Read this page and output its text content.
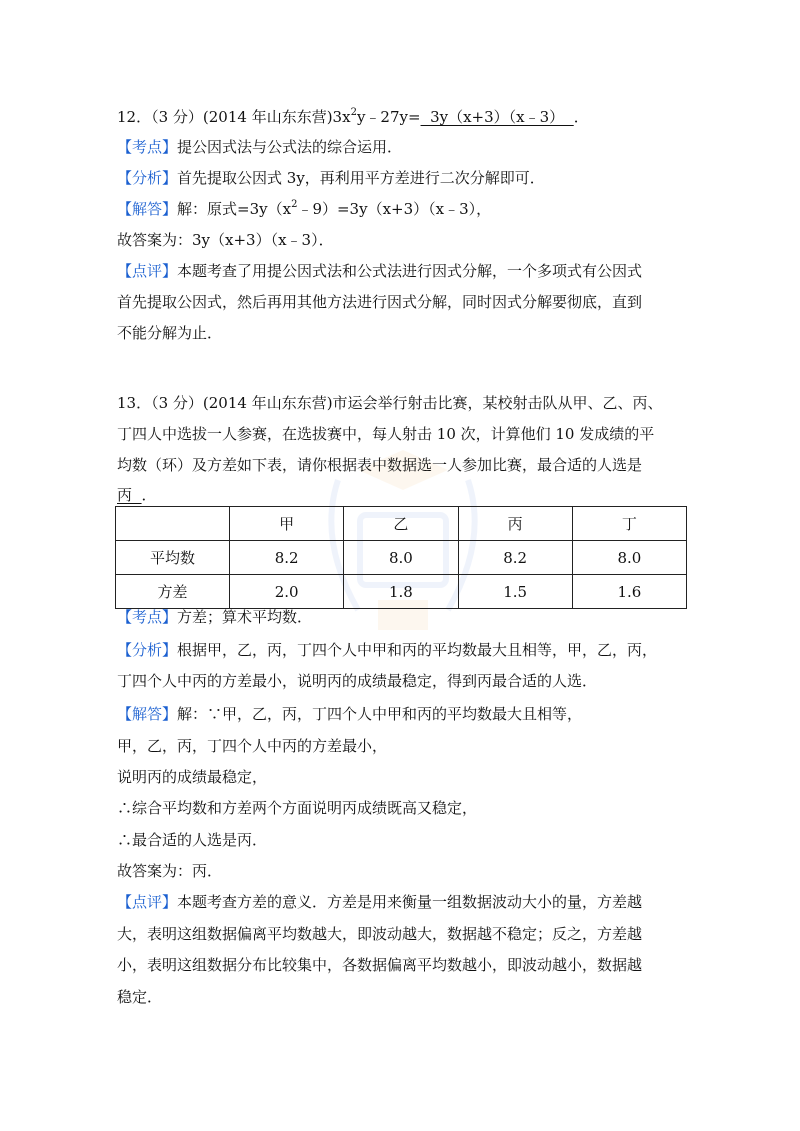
12．（3 分）(2014 年山东东营)$3x^2y﹣27y=$  3y（x+3）（x﹣3）  ．
【考点】提公因式法与公式法的综合运用．
【分析】首先提取公因式 3y，再利用平方差进行二次分解即可．
【解答】解：原式$=3y(x^2﹣9)=3y(x+3)(x﹣3)$，
故答案为：3y（x+3）（x﹣3）．
【点评】本题考查了用提公因式法和公式法进行因式分解，一个多项式有公因式
首先提取公因式，然后再用其他方法进行因式分解，同时因式分解要彻底，直到
不能分解为止．
13．（3 分）(2014 年山东东营)市运会举行射击比赛，某校射击队从甲、乙、丙、
丁四人中选拔一人参赛，在选拔赛中，每人射击 10 次，计算他们 10 发成绩的平
均数（环）及方差如下表，请你根据表中数据选一人参加比赛，最合适的人选是
丙  ．
	甲	乙	丙	丁
平均数	8.2	8.0	8.2	8.0
方差	2.0	1.8	1.5	1.6
【考点】方差；算术平均数．
【分析】根据甲，乙，丙，丁四个人中甲和丙的平均数最大且相等，甲，乙，丙，
丁四个人中丙的方差最小，说明丙的成绩最稳定，得到丙最合适的人选．
【解答】解：∵甲，乙，丙，丁四个人中甲和丙的平均数最大且相等，
甲，乙，丙，丁四个人中丙的方差最小，
说明丙的成绩最稳定，
∴综合平均数和方差两个方面说明丙成绩既高又稳定，
∴最合适的人选是丙．
故答案为：丙．
【点评】本题考查方差的意义．方差是用来衡量一组数据波动大小的量，方差越
大，表明这组数据偏离平均数越大，即波动越大，数据越不稳定；反之，方差越
小，表明这组数据分布比较集中，各数据偏离平均数越小，即波动越小，数据越
稳定．
